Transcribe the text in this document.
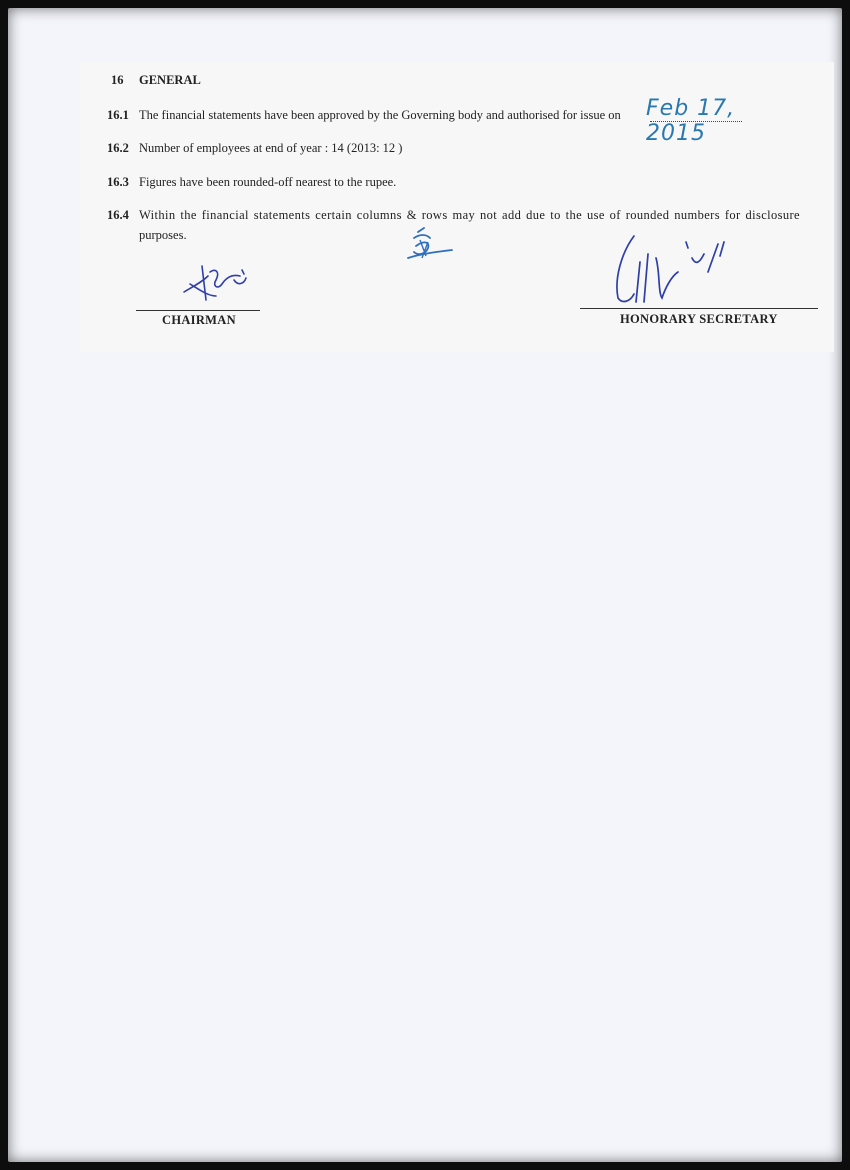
16 GENERAL
16.1 The financial statements have been approved by the Governing body and authorised for issue on Feb 17, 2015
16.2 Number of employees at end of year : 14 (2013: 12 )
16.3 Figures have been rounded-off nearest to the rupee.
16.4 Within the financial statements certain columns & rows may not add due to the use of rounded numbers for disclosure
purposes.
CHAIRMAN	HONORARY SECRETARY
